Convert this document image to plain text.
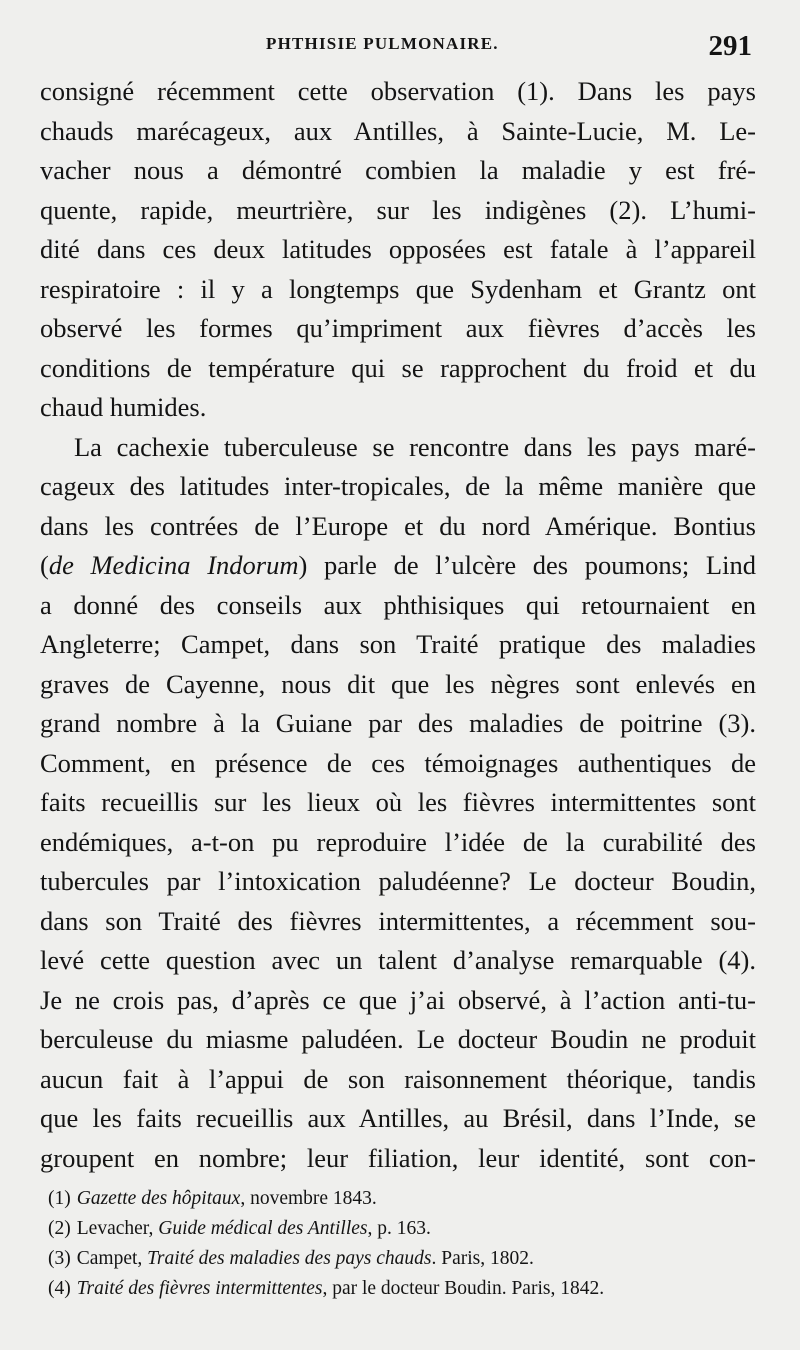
PHTHISIE PULMONAIRE.	291
consigné récemment cette observation (1). Dans les pays
chauds marécageux, aux Antilles, à Sainte-Lucie, M. Le-
vacher nous a démontré combien la maladie y est fré-
quente, rapide, meurtrière, sur les indigènes (2). L’humi-
dité dans ces deux latitudes opposées est fatale à l’appareil
respiratoire : il y a longtemps que Sydenham et Grantz ont
observé les formes qu’impriment aux fièvres d’accès les
conditions de température qui se rapprochent du froid et du
chaud humides.
La cachexie tuberculeuse se rencontre dans les pays maré-
cageux des latitudes inter-tropicales, de la même manière que
dans les contrées de l’Europe et du nord Amérique. Bontius
(de Medicina Indorum) parle de l’ulcère des poumons; Lind
a donné des conseils aux phthisiques qui retournaient en
Angleterre; Campet, dans son Traité pratique des maladies
graves de Cayenne, nous dit que les nègres sont enlevés en
grand nombre à la Guiane par des maladies de poitrine (3).
Comment, en présence de ces témoignages authentiques de
faits recueillis sur les lieux où les fièvres intermittentes sont
endémiques, a-t-on pu reproduire l’idée de la curabilité des
tubercules par l’intoxication paludéenne? Le docteur Boudin,
dans son Traité des fièvres intermittentes, a récemment sou-
levé cette question avec un talent d’analyse remarquable (4).
Je ne crois pas, d’après ce que j’ai observé, à l’action anti-tu-
berculeuse du miasme paludéen. Le docteur Boudin ne produit
aucun fait à l’appui de son raisonnement théorique, tandis
que les faits recueillis aux Antilles, au Brésil, dans l’Inde, se
groupent en nombre; leur filiation, leur identité, sont con-
(1) Gazette des hôpitaux, novembre 1843.
(2) Levacher, Guide médical des Antilles, p. 163.
(3) Campet, Traité des maladies des pays chauds. Paris, 1802.
(4) Traité des fièvres intermittentes, par le docteur Boudin. Paris, 1842.
